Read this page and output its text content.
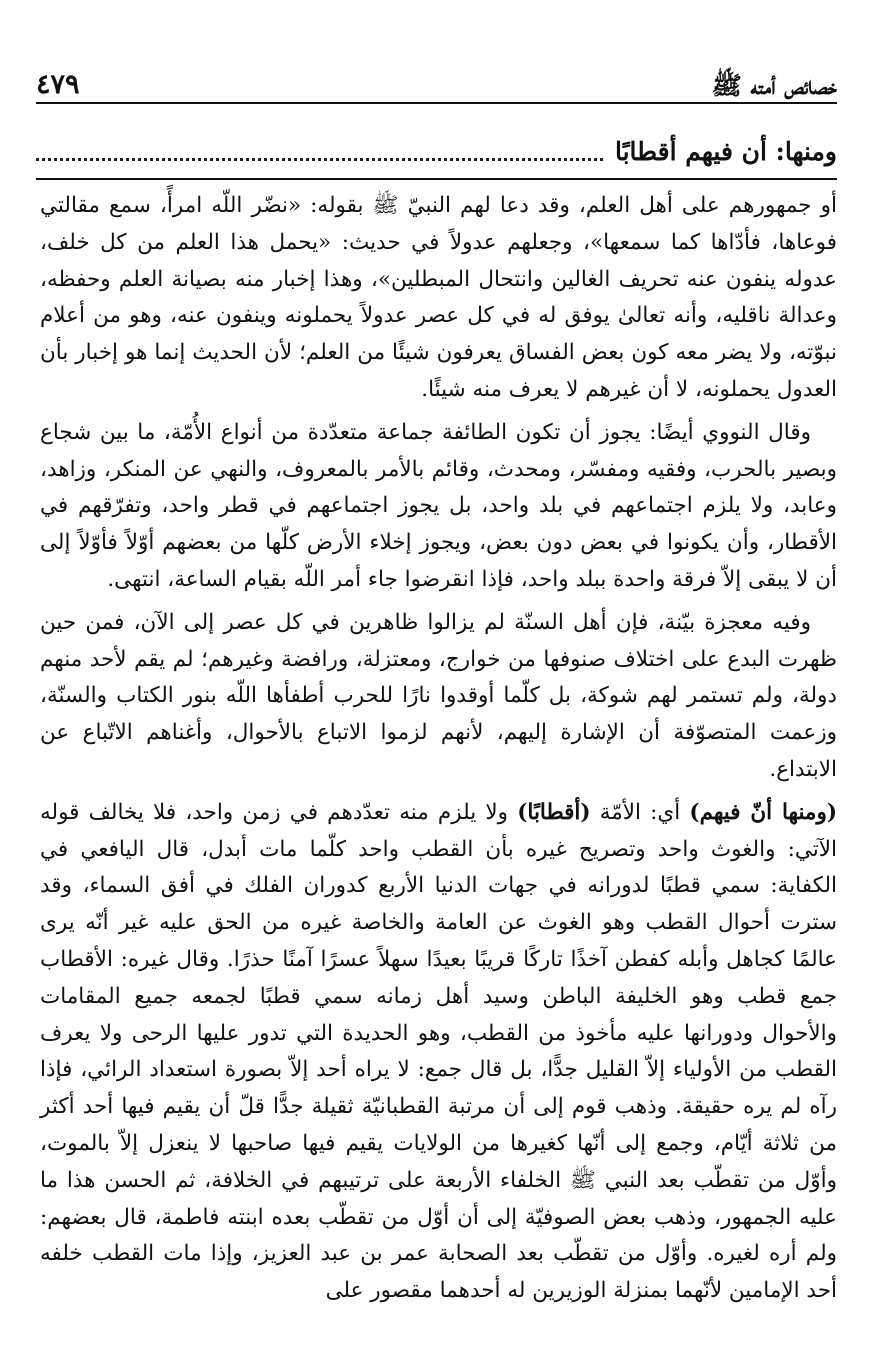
خصائص أمته ﷺ
٤٧٩
ومنها: أن فيهم أقطابًا

أو جمهورهم على أهل العلم، وقد دعا لهم النبيّ ﷺ بقوله: «نضّر اللّه امرأً، سمع مقالتي فوعاها، فأدّاها كما سمعها»، وجعلهم عدولاً في حديث: «يحمل هذا العلم من كل خلف، عدوله ينفون عنه تحريف الغالين وانتحال المبطلين»، وهذا إخبار منه بصيانة العلم وحفظه، وعدالة ناقليه، وأنه تعالىٰ يوفق له في كل عصر عدولاً يحملونه وينفون عنه، وهو من أعلام نبوّته، ولا يضر معه كون بعض الفساق يعرفون شيئًا من العلم؛ لأن الحديث إنما هو إخبار بأن العدول يحملونه، لا أن غيرهم لا يعرف منه شيئًا.

وقال النووي أيضًا: يجوز أن تكون الطائفة جماعة متعدّدة من أنواع الأُمّة، ما بين شجاع وبصير بالحرب، وفقيه ومفسّر، ومحدث، وقائم بالأمر بالمعروف، والنهي عن المنكر، وزاهد، وعابد، ولا يلزم اجتماعهم في بلد واحد، بل يجوز اجتماعهم في قطر واحد، وتفرّقهم في الأقطار، وأن يكونوا في بعض دون بعض، ويجوز إخلاء الأرض كلّها من بعضهم أوّلاً فأوّلاً إلى أن لا يبقى إلاّ فرقة واحدة ببلد واحد، فإذا انقرضوا جاء أمر اللّه بقيام الساعة، انتهى.

وفيه معجزة بيّنة، فإن أهل السنّة لم يزالوا ظاهرين في كل عصر إلى الآن، فمن حين ظهرت البدع على اختلاف صنوفها من خوارج، ومعتزلة، ورافضة وغيرهم؛ لم يقم لأحد منهم دولة، ولم تستمر لهم شوكة، بل كلّما أوقدوا نارًا للحرب أطفأها اللّه بنور الكتاب والسنّة، وزعمت المتصوّفة أن الإشارة إليهم، لأنهم لزموا الاتباع بالأحوال، وأغناهم الاتّباع عن الابتداع.

(ومنها أنّ فيهم) أي: الأمّة (أقطابًا) ولا يلزم منه تعدّدهم في زمن واحد، فلا يخالف قوله الآتي: والغوث واحد وتصريح غيره بأن القطب واحد كلّما مات أبدل، قال اليافعي في الكفاية: سمي قطبًا لدورانه في جهات الدنيا الأربع كدوران الفلك في أفق السماء، وقد سترت أحوال القطب وهو الغوث عن العامة والخاصة غيره من الحق عليه غير أنّه يرى عالمًا كجاهل وأبله كفطن آخذًا تاركًا قريبًا بعيدًا سهلاً عسرًا آمنًا حذرًا. وقال غيره: الأقطاب جمع قطب وهو الخليفة الباطن وسيد أهل زمانه سمي قطبًا لجمعه جميع المقامات والأحوال ودورانها عليه مأخوذ من القطب، وهو الحديدة التي تدور عليها الرحى ولا يعرف القطب من الأولياء إلاّ القليل جدًّا، بل قال جمع: لا يراه أحد إلاّ بصورة استعداد الرائي، فإذا رآه لم يره حقيقة. وذهب قوم إلى أن مرتبة القطبانيّة ثقيلة جدًّا قلّ أن يقيم فيها أحد أكثر من ثلاثة أيّام، وجمع إلى أنّها كغيرها من الولايات يقيم فيها صاحبها لا ينعزل إلاّ بالموت، وأوّل من تقطّب بعد النبي ﷺ الخلفاء الأربعة على ترتيبهم في الخلافة، ثم الحسن هذا ما عليه الجمهور، وذهب بعض الصوفيّة إلى أن أوّل من تقطّب بعده ابنته فاطمة، قال بعضهم: ولم أره لغيره. وأوّل من تقطّب بعد الصحابة عمر بن عبد العزيز، وإذا مات القطب خلفه أحد الإمامين لأنّهما بمنزلة الوزيرين له أحدهما مقصور على
